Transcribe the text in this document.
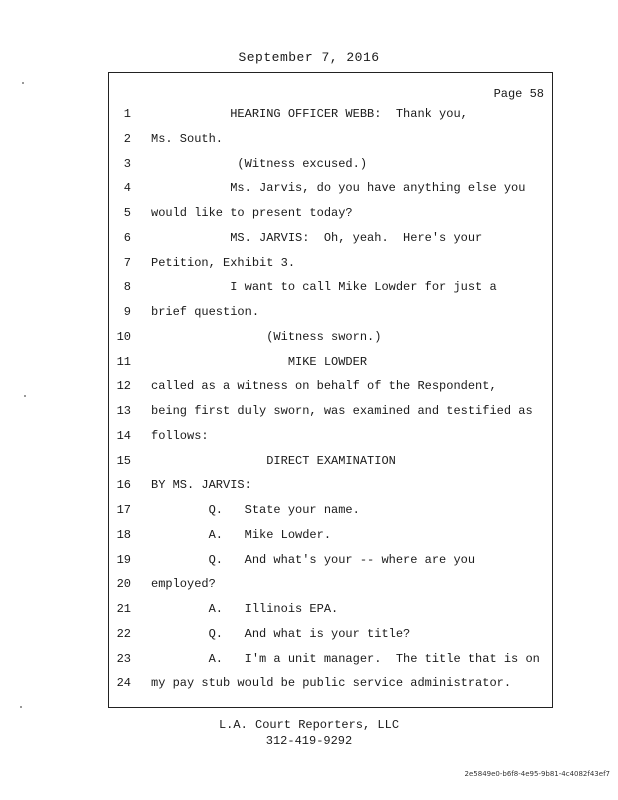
September 7, 2016
Page 58
1 HEARING OFFICER WEBB:  Thank you,
2 Ms. South.
3 (Witness excused.)
4 Ms. Jarvis, do you have anything else you
5 would like to present today?
6 MS. JARVIS:  Oh, yeah.  Here's your
7 Petition, Exhibit 3.
8 I want to call Mike Lowder for just a
9 brief question.
10 (Witness sworn.)
11 MIKE LOWDER
12 called as a witness on behalf of the Respondent,
13 being first duly sworn, was examined and testified as
14 follows:
15 DIRECT EXAMINATION
16 BY MS. JARVIS:
17 Q.   State your name.
18 A.   Mike Lowder.
19 Q.   And what's your -- where are you
20 employed?
21 A.   Illinois EPA.
22 Q.   And what is your title?
23 A.   I'm a unit manager.  The title that is on
24 my pay stub would be public service administrator.
L.A. Court Reporters, LLC
312-419-9292
2e5849e0-b6f8-4e95-9b81-4c4082f43ef7
